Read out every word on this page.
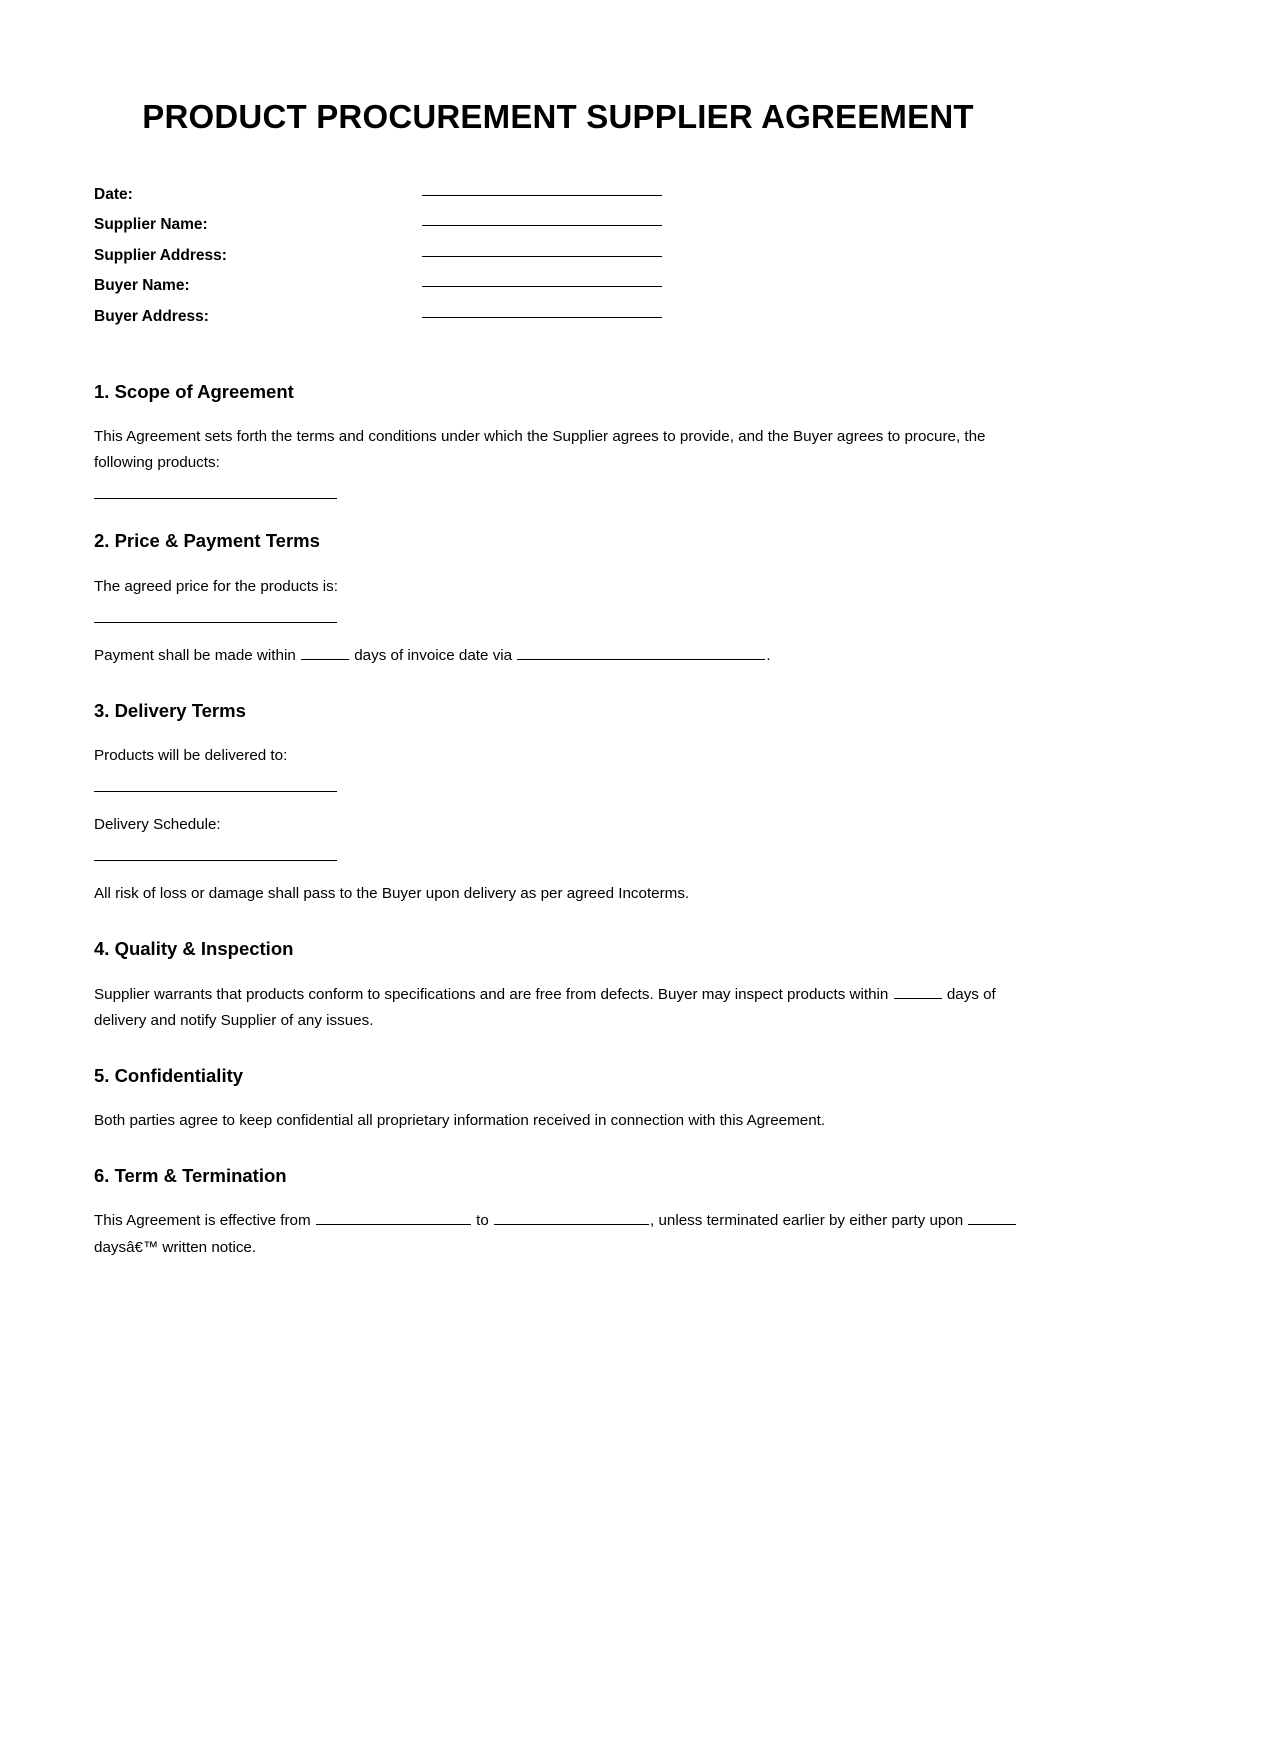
PRODUCT PROCUREMENT SUPPLIER AGREEMENT
Date:
Supplier Name:
Supplier Address:
Buyer Name:
Buyer Address:
1. Scope of Agreement

This Agreement sets forth the terms and conditions under which the Supplier agrees to provide, and the Buyer agrees to procure, the following products:

2. Price & Payment Terms

The agreed price for the products is:

Payment shall be made within	days of invoice date via	.

3. Delivery Terms

Products will be delivered to:

Delivery Schedule:

All risk of loss or damage shall pass to the Buyer upon delivery as per agreed Incoterms.

4. Quality & Inspection

Supplier warrants that products conform to specifications and are free from defects. Buyer may inspect products within	days of delivery and notify Supplier of any issues.

5. Confidentiality

Both parties agree to keep confidential all proprietary information received in connection with this Agreement.

6. Term & Termination

This Agreement is effective from	to	, unless terminated earlier by either party upon  daysâ€™ written notice.
